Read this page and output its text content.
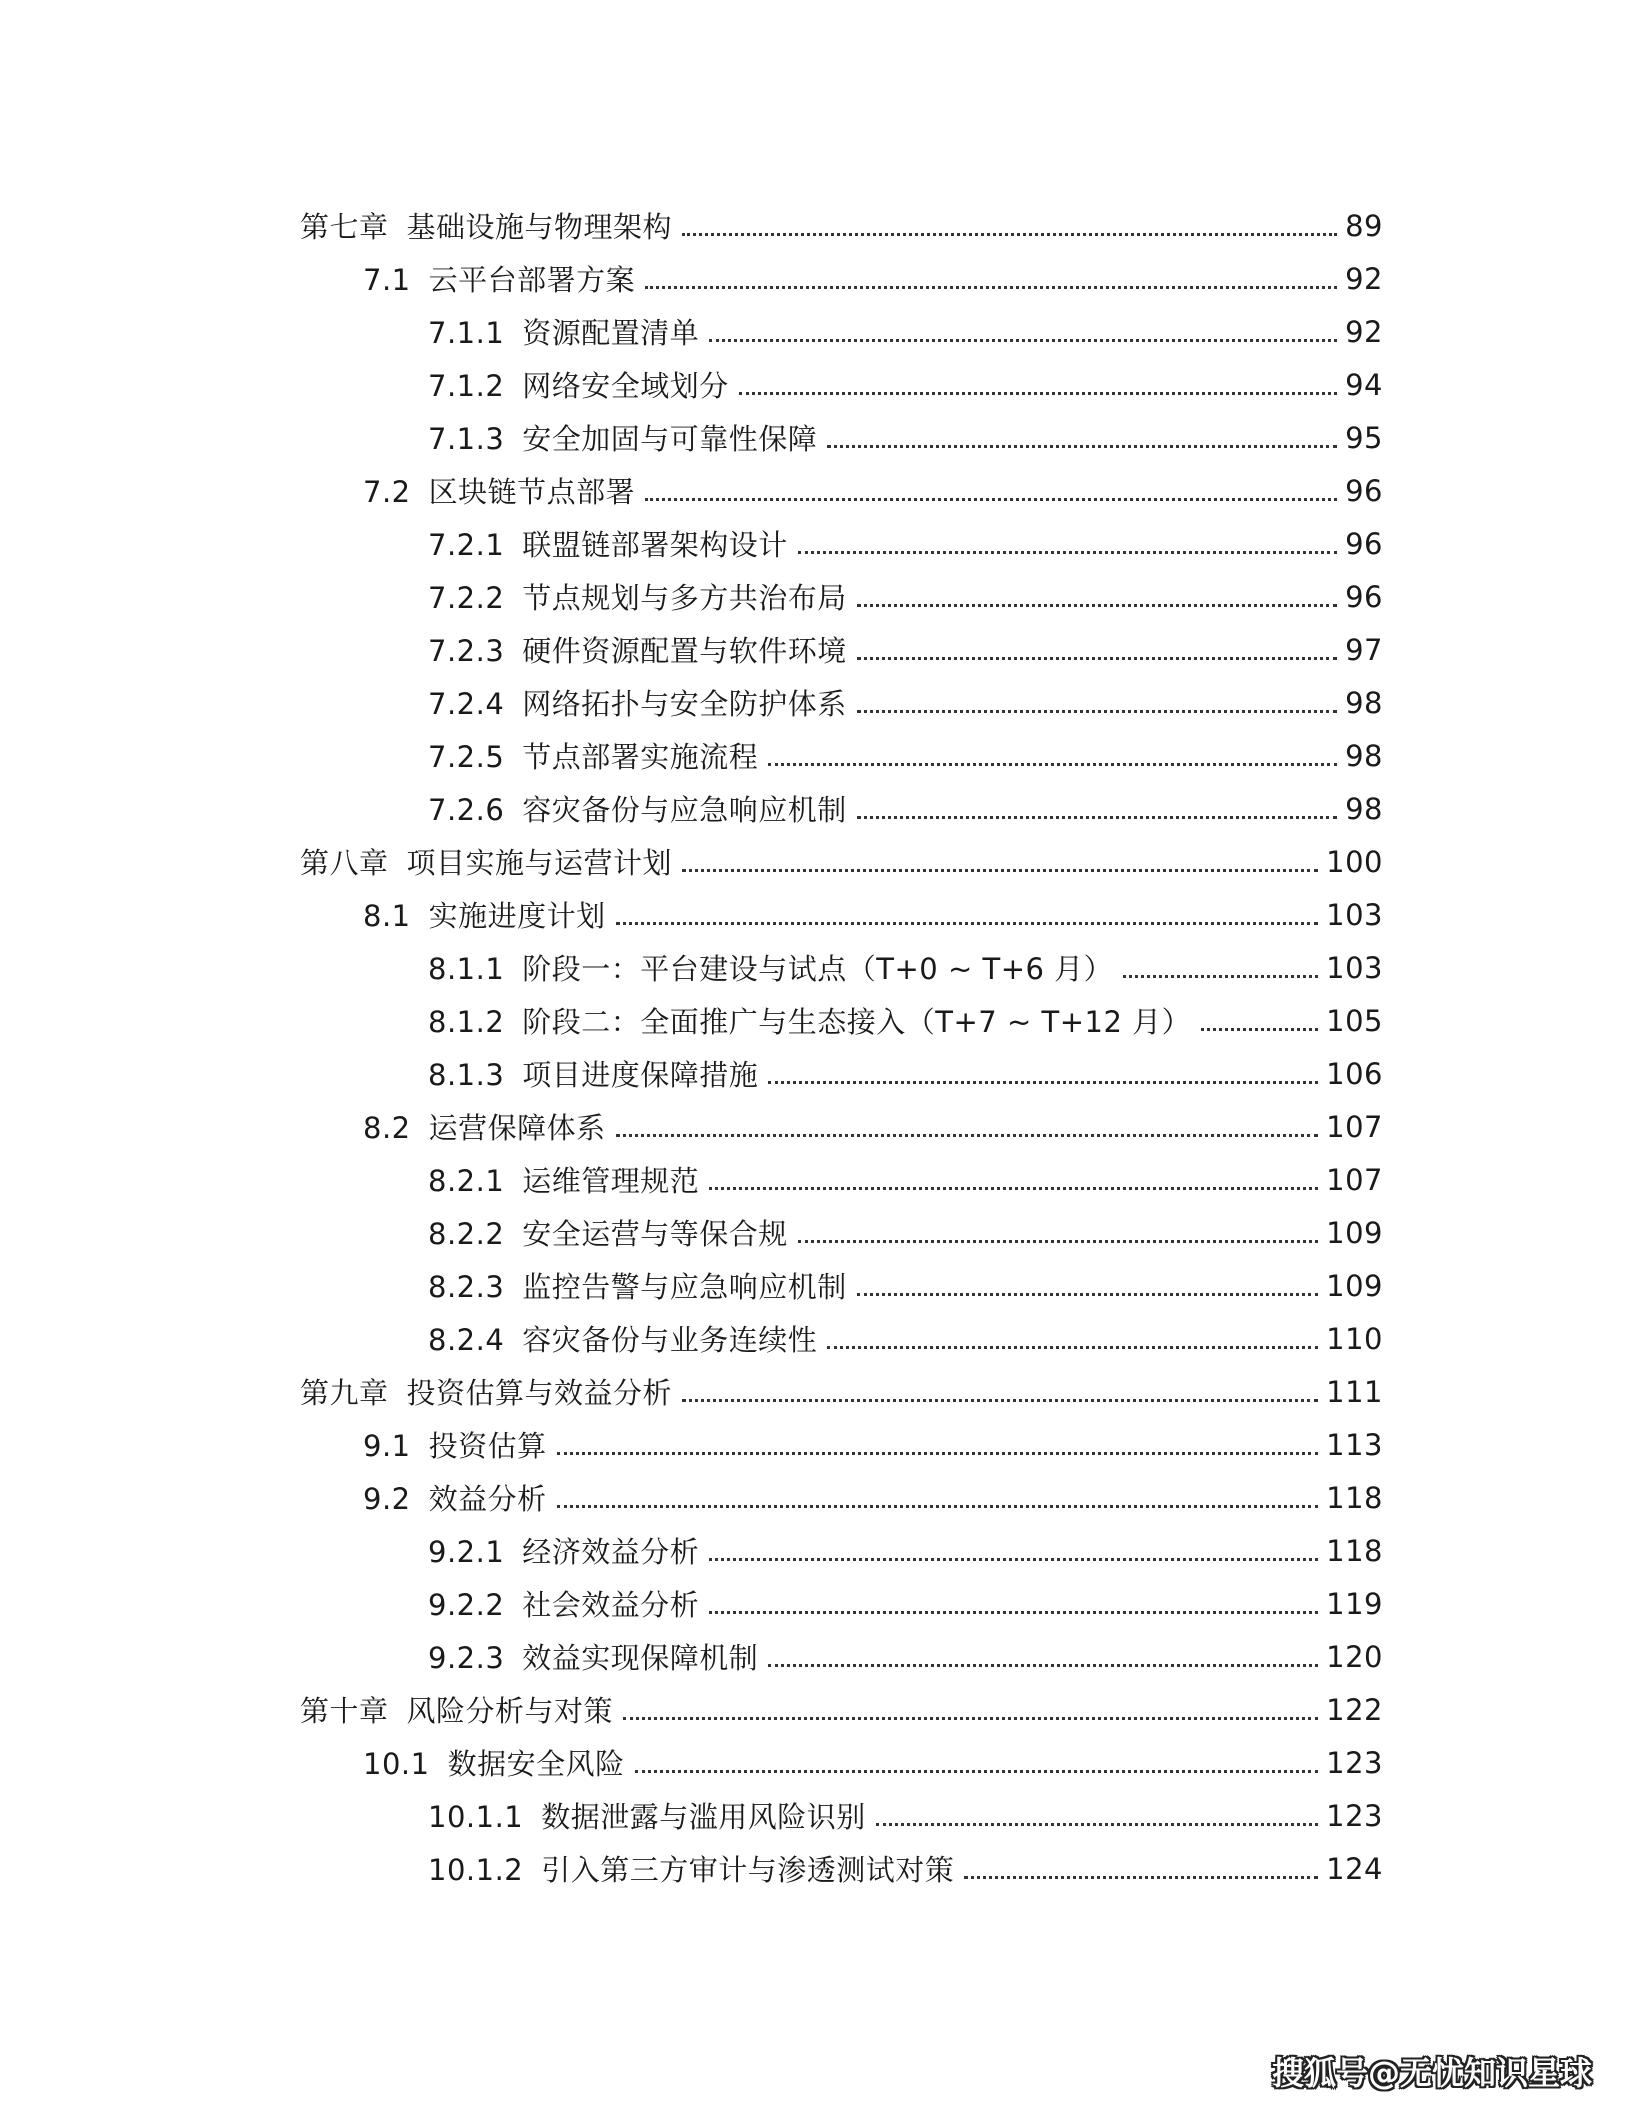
第七章 基础设施与物理架构	89
7.1 云平台部署方案	92
7.1.1 资源配置清单	92
7.1.2 网络安全域划分	94
7.1.3 安全加固与可靠性保障	95
7.2 区块链节点部署	96
7.2.1 联盟链部署架构设计	96
7.2.2 节点规划与多方共治布局	96
7.2.3 硬件资源配置与软件环境	97
7.2.4 网络拓扑与安全防护体系	98
7.2.5 节点部署实施流程	98
7.2.6 容灾备份与应急响应机制	98
第八章 项目实施与运营计划	100
8.1 实施进度计划	103
8.1.1 阶段一：平台建设与试点（T+0 ~ T+6 月）	103
8.1.2 阶段二：全面推广与生态接入（T+7 ~ T+12 月）	105
8.1.3 项目进度保障措施	106
8.2 运营保障体系	107
8.2.1 运维管理规范	107
8.2.2 安全运营与等保合规	109
8.2.3 监控告警与应急响应机制	109
8.2.4 容灾备份与业务连续性	110
第九章 投资估算与效益分析	111
9.1 投资估算	113
9.2 效益分析	118
9.2.1 经济效益分析	118
9.2.2 社会效益分析	119
9.2.3 效益实现保障机制	120
第十章 风险分析与对策	122
10.1 数据安全风险	123
10.1.1 数据泄露与滥用风险识别	123
10.1.2 引入第三方审计与渗透测试对策	124
搜狐号@无忧知识星球
